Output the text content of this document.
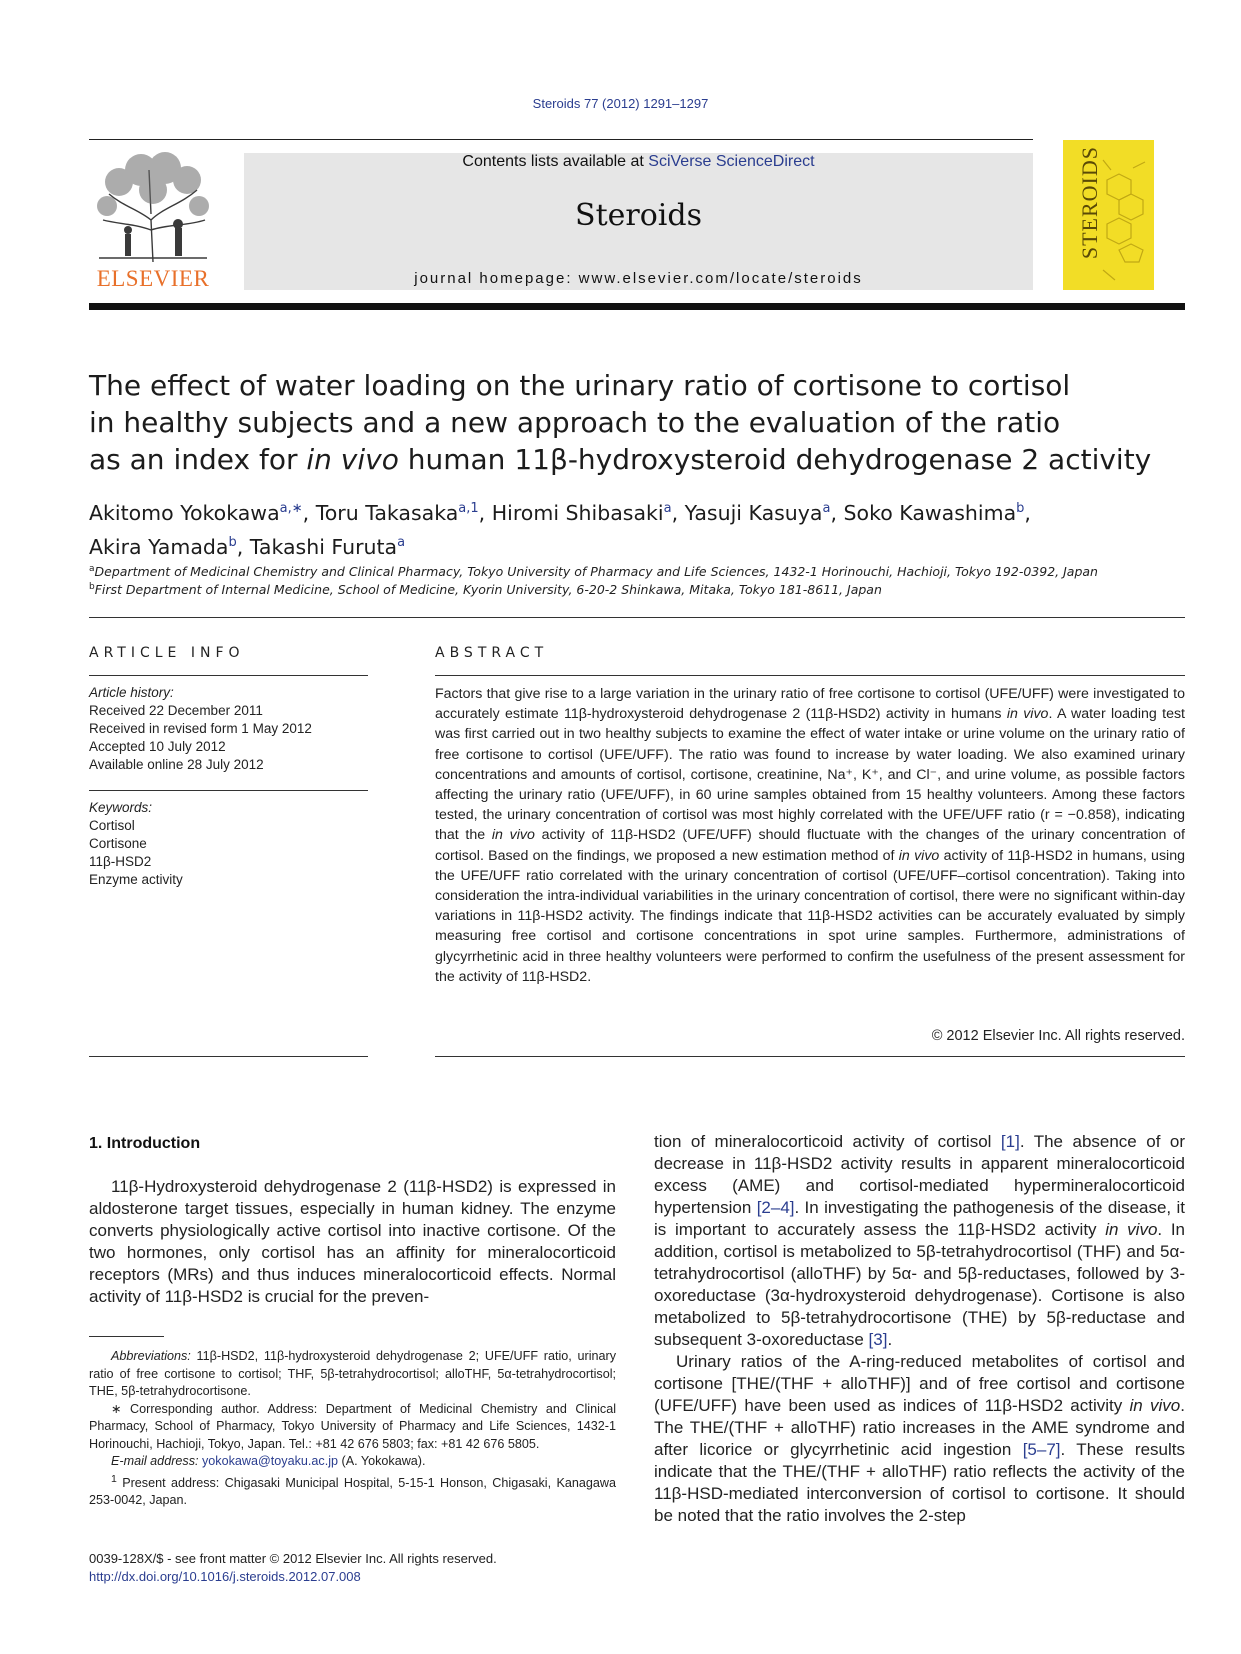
Steroids 77 (2012) 1291–1297
ELSEVIER
Contents lists available at SciVerse ScienceDirect
Steroids
journal homepage: www.elsevier.com/locate/steroids
STEROIDS
The effect of water loading on the urinary ratio of cortisone to cortisol
in healthy subjects and a new approach to the evaluation of the ratio
as an index for in vivo human 11β-hydroxysteroid dehydrogenase 2 activity
Akitomo Yokokawa$^{a,∗}$, Toru Takasaka$^{a,1}$, Hiromi Shibasaki$^a$, Yasuji Kasuya$^a$, Soko Kawashima$^b$,
Akira Yamada$^b$, Takashi Furuta$^a$
$^a$Department of Medicinal Chemistry and Clinical Pharmacy, Tokyo University of Pharmacy and Life Sciences, 1432-1 Horinouchi, Hachioji, Tokyo 192-0392, Japan
$^b$First Department of Internal Medicine, School of Medicine, Kyorin University, 6-20-2 Shinkawa, Mitaka, Tokyo 181-8611, Japan
ARTICLE INFO
Article history:
Received 22 December 2011
Received in revised form 1 May 2012
Accepted 10 July 2012
Available online 28 July 2012
Keywords:
Cortisol
Cortisone
11β-HSD2
Enzyme activity
ABSTRACT
Factors that give rise to a large variation in the urinary ratio of free cortisone to cortisol (UFE/UFF) were investigated to accurately estimate 11β-hydroxysteroid dehydrogenase 2 (11β-HSD2) activity in humans in vivo. A water loading test was first carried out in two healthy subjects to examine the effect of water intake or urine volume on the urinary ratio of free cortisone to cortisol (UFE/UFF). The ratio was found to increase by water loading. We also examined urinary concentrations and amounts of cortisol, cortisone, creatinine, Na⁺, K⁺, and Cl⁻, and urine volume, as possible factors affecting the urinary ratio (UFE/UFF), in 60 urine samples obtained from 15 healthy volunteers. Among these factors tested, the urinary concentration of cortisol was most highly correlated with the UFE/UFF ratio (r = −0.858), indicating that the in vivo activity of 11β-HSD2 (UFE/UFF) should fluctuate with the changes of the urinary concentration of cortisol. Based on the findings, we proposed a new estimation method of in vivo activity of 11β-HSD2 in humans, using the UFE/UFF ratio correlated with the urinary concentration of cortisol (UFE/UFF–cortisol concentration). Taking into consideration the intra-individual variabilities in the urinary concentration of cortisol, there were no significant within-day variations in 11β-HSD2 activity. The findings indicate that 11β-HSD2 activities can be accurately evaluated by simply measuring free cortisol and cortisone concentrations in spot urine samples. Furthermore, administrations of glycyrrhetinic acid in three healthy volunteers were performed to confirm the usefulness of the present assessment for the activity of 11β-HSD2.
© 2012 Elsevier Inc. All rights reserved.
1. Introduction

11β-Hydroxysteroid dehydrogenase 2 (11β-HSD2) is expressed in aldosterone target tissues, especially in human kidney. The enzyme converts physiologically active cortisol into inactive cortisone. Of the two hormones, only cortisol has an affinity for mineralocorticoid receptors (MRs) and thus induces mineralocorticoid effects. Normal activity of 11β-HSD2 is crucial for the preven-

Abbreviations: 11β-HSD2, 11β-hydroxysteroid dehydrogenase 2; UFE/UFF ratio, urinary ratio of free cortisone to cortisol; THF, 5β-tetrahydrocortisol; alloTHF, 5α-tetrahydrocortisol; THE, 5β-tetrahydrocortisone.

∗ Corresponding author. Address: Department of Medicinal Chemistry and Clinical Pharmacy, School of Pharmacy, Tokyo University of Pharmacy and Life Sciences, 1432-1 Horinouchi, Hachioji, Tokyo, Japan. Tel.: +81 42 676 5803; fax: +81 42 676 5805.

E-mail address: yokokawa@toyaku.ac.jp (A. Yokokawa).

$^1$ Present address: Chigasaki Municipal Hospital, 5-15-1 Honson, Chigasaki, Kanagawa 253-0042, Japan.

0039-128X/$ - see front matter © 2012 Elsevier Inc. All rights reserved.
http://dx.doi.org/10.1016/j.steroids.2012.07.008

tion of mineralocorticoid activity of cortisol [1]. The absence of or decrease in 11β-HSD2 activity results in apparent mineralocorticoid excess (AME) and cortisol-mediated hypermineralocorticoid hypertension [2–4]. In investigating the pathogenesis of the disease, it is important to accurately assess the 11β-HSD2 activity in vivo. In addition, cortisol is metabolized to 5β-tetrahydrocortisol (THF) and 5α-tetrahydrocortisol (alloTHF) by 5α- and 5β-reductases, followed by 3-oxoreductase (3α-hydroxysteroid dehydrogenase). Cortisone is also metabolized to 5β-tetrahydrocortisone (THE) by 5β-reductase and subsequent 3-oxoreductase [3].

Urinary ratios of the A-ring-reduced metabolites of cortisol and cortisone [THE/(THF + alloTHF)] and of free cortisol and cortisone (UFE/UFF) have been used as indices of 11β-HSD2 activity in vivo. The THE/(THF + alloTHF) ratio increases in the AME syndrome and after licorice or glycyrrhetinic acid ingestion [5–7]. These results indicate that the THE/(THF + alloTHF) ratio reflects the activity of the 11β-HSD-mediated interconversion of cortisol to cortisone. It should be noted that the ratio involves the 2-step
